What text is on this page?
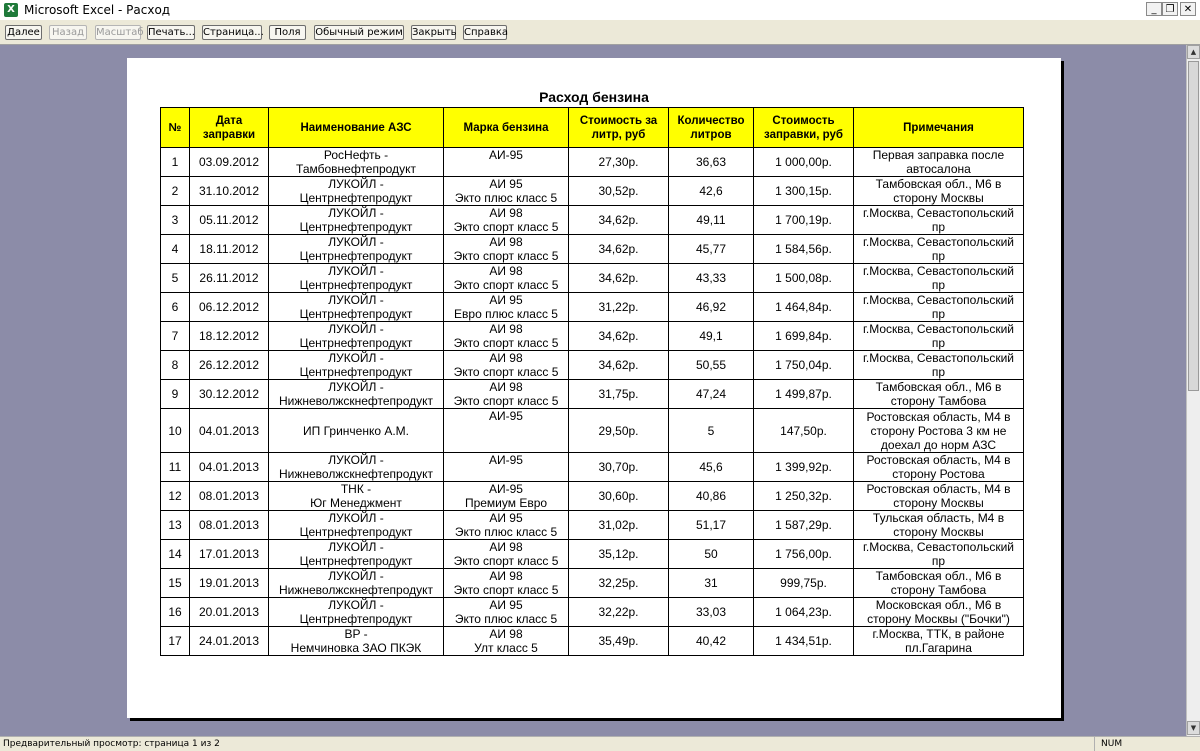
X Microsoft Excel - Расход	_ ❐ ✕
Далее Назад	Масштаб Печать... Страница...	Поля	Обычный режим Закрыть Справка
▲
▼
Расход бензина
№	Дата заправки	Наименование АЗС	Марка бензина	Стоимость за литр, руб	Количество литров	Стоимость заправки, руб	Примечания

1	03.09.2012	РосНефть -
Тамбовнефтепродукт	АИ-95	27,30р.	36,63	1 000,00р.	Первая заправка после
автосалона

2	31.10.2012	ЛУКОЙЛ -
Центрнефтепродукт	АИ 95
Экто плюс класс 5	30,52р.	42,6	1 300,15р.	Тамбовская обл., М6 в
сторону Москвы

3	05.11.2012	ЛУКОЙЛ -
Центрнефтепродукт	АИ 98
Экто спорт класс 5	34,62р.	49,11	1 700,19р.	г.Москва, Севастопольский
пр

4	18.11.2012	ЛУКОЙЛ -
Центрнефтепродукт	АИ 98
Экто спорт класс 5	34,62р.	45,77	1 584,56р.	г.Москва, Севастопольский
пр

5	26.11.2012	ЛУКОЙЛ -
Центрнефтепродукт	АИ 98
Экто спорт класс 5	34,62р.	43,33	1 500,08р.	г.Москва, Севастопольский
пр

6	06.12.2012	ЛУКОЙЛ -
Центрнефтепродукт	АИ 95
Евро плюс класс 5	31,22р.	46,92	1 464,84р.	г.Москва, Севастопольский
пр

7	18.12.2012	ЛУКОЙЛ -
Центрнефтепродукт	АИ 98
Экто спорт класс 5	34,62р.	49,1	1 699,84р.	г.Москва, Севастопольский
пр

8	26.12.2012	ЛУКОЙЛ -
Центрнефтепродукт	АИ 98
Экто спорт класс 5	34,62р.	50,55	1 750,04р.	г.Москва, Севастопольский
пр

9	30.12.2012	ЛУКОЙЛ -
Нижневолжскнефтепродукт	АИ 98
Экто спорт класс 5	31,75р.	47,24	1 499,87р.	Тамбовская обл., М6 в
сторону Тамбова

10	04.01.2013	ИП Гринченко А.М.	АИ-95	29,50р.	5	147,50р.	Ростовская область, М4 в
сторону Ростова 3 км не
доехал до норм АЗС

11	04.01.2013	ЛУКОЙЛ -
Нижневолжскнефтепродукт	АИ-95	30,70р.	45,6	1 399,92р.	Ростовская область, М4 в
сторону Ростова

12	08.01.2013	ТНК -
Юг Менеджмент	АИ-95
Премиум Евро	30,60р.	40,86	1 250,32р.	Ростовская область, М4 в
сторону Москвы

13	08.01.2013	ЛУКОЙЛ -
Центрнефтепродукт	АИ 95
Экто плюс класс 5	31,02р.	51,17	1 587,29р.	Тульская область, М4 в
сторону Москвы

14	17.01.2013	ЛУКОЙЛ -
Центрнефтепродукт	АИ 98
Экто спорт класс 5	35,12р.	50	1 756,00р.	г.Москва, Севастопольский
пр

15	19.01.2013	ЛУКОЙЛ -
Нижневолжскнефтепродукт	АИ 98
Экто спорт класс 5	32,25р.	31	999,75р.	Тамбовская обл., М6 в
сторону Тамбова

16	20.01.2013	ЛУКОЙЛ -
Центрнефтепродукт	АИ 95
Экто плюс класс 5	32,22р.	33,03	1 064,23р.	Московская обл., М6 в
сторону Москвы ("Бочки")

17	24.01.2013	BP -
Немчиновка ЗАО ПКЭК	АИ 98
Улт класс 5	35,49р.	40,42	1 434,51р.	г.Москва, ТТК, в районе
пл.Гагарина
Предварительный просмотр: страница 1 из 2	NUM
